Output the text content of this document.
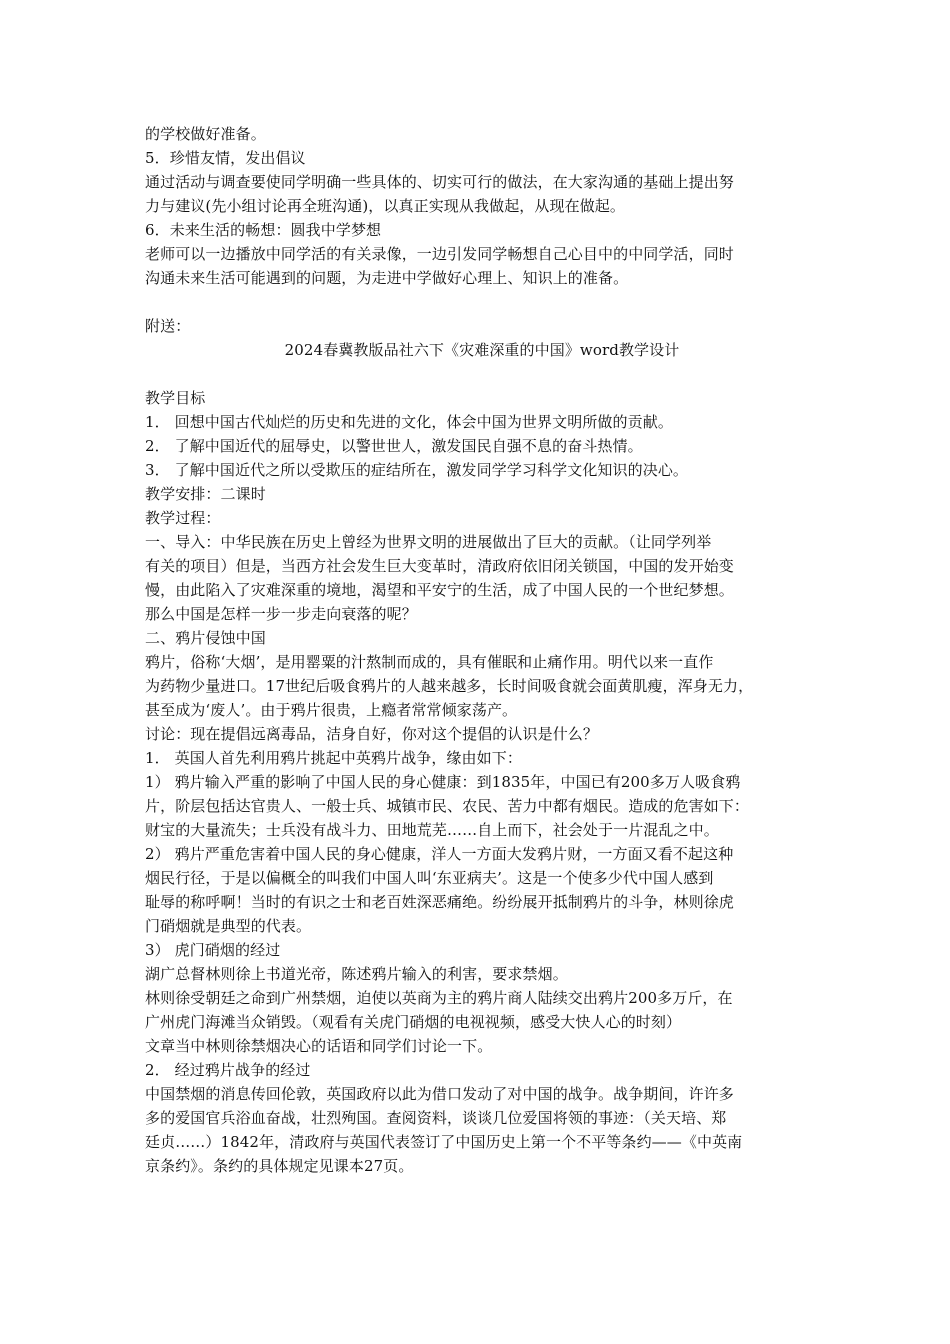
的学校做好准备。
5．珍惜友情，发出倡议
通过活动与调查要使同学明确一些具体的、切实可行的做法，在大家沟通的基础上提出努
力与建议(先小组讨论再全班沟通)，以真正实现从我做起，从现在做起。
6．未来生活的畅想：圆我中学梦想
老师可以一边播放中同学活的有关录像，一边引发同学畅想自己心目中的中同学活，同时
沟通未来生活可能遇到的问题，为走进中学做好心理上、知识上的准备。
附送：
2024春冀教版品社六下《灾难深重的中国》word教学设计
教学目标
1． 回想中国古代灿烂的历史和先进的文化，体会中国为世界文明所做的贡献。
2． 了解中国近代的屈辱史，以警世世人，激发国民自强不息的奋斗热情。
3． 了解中国近代之所以受欺压的症结所在，激发同学学习科学文化知识的决心。
教学安排：二课时
教学过程：
一、导入：中华民族在历史上曾经为世界文明的进展做出了巨大的贡献。（让同学列举
有关的项目）但是，当西方社会发生巨大变革时，清政府依旧闭关锁国，中国的发开始变
慢，由此陷入了灾难深重的境地，渴望和平安宁的生活，成了中国人民的一个世纪梦想。
那么中国是怎样一步一步走向衰落的呢？
二、鸦片侵蚀中国
鸦片，俗称‘大烟’，是用罂粟的汁熬制而成的，具有催眠和止痛作用。明代以来一直作
为药物少量进口。17世纪后吸食鸦片的人越来越多，长时间吸食就会面黄肌瘦，浑身无力，
甚至成为‘废人’。由于鸦片很贵，上瘾者常常倾家荡产。
讨论：现在提倡远离毒品，洁身自好，你对这个提倡的认识是什么？
1． 英国人首先利用鸦片挑起中英鸦片战争，缘由如下：
1） 鸦片输入严重的影响了中国人民的身心健康：到1835年，中国已有200多万人吸食鸦
片，阶层包括达官贵人、一般士兵、城镇市民、农民、苦力中都有烟民。造成的危害如下：
财宝的大量流失；士兵没有战斗力、田地荒芜……自上而下，社会处于一片混乱之中。
2） 鸦片严重危害着中国人民的身心健康，洋人一方面大发鸦片财，一方面又看不起这种
烟民行径，于是以偏概全的叫我们中国人叫‘东亚病夫’。这是一个使多少代中国人感到
耻辱的称呼啊！当时的有识之士和老百姓深恶痛绝。纷纷展开抵制鸦片的斗争，林则徐虎
门硝烟就是典型的代表。
3） 虎门硝烟的经过
湖广总督林则徐上书道光帝，陈述鸦片输入的利害，要求禁烟。
林则徐受朝廷之命到广州禁烟，迫使以英商为主的鸦片商人陆续交出鸦片200多万斤，在
广州虎门海滩当众销毁。（观看有关虎门硝烟的电视视频，感受大快人心的时刻）
文章当中林则徐禁烟决心的话语和同学们讨论一下。
2． 经过鸦片战争的经过
中国禁烟的消息传回伦敦，英国政府以此为借口发动了对中国的战争。战争期间，许许多
多的爱国官兵浴血奋战，壮烈殉国。查阅资料，谈谈几位爱国将领的事迹：（关天培、郑
廷贞……）1842年，清政府与英国代表签订了中国历史上第一个不平等条约——《中英南
京条约》。条约的具体规定见课本27页。
